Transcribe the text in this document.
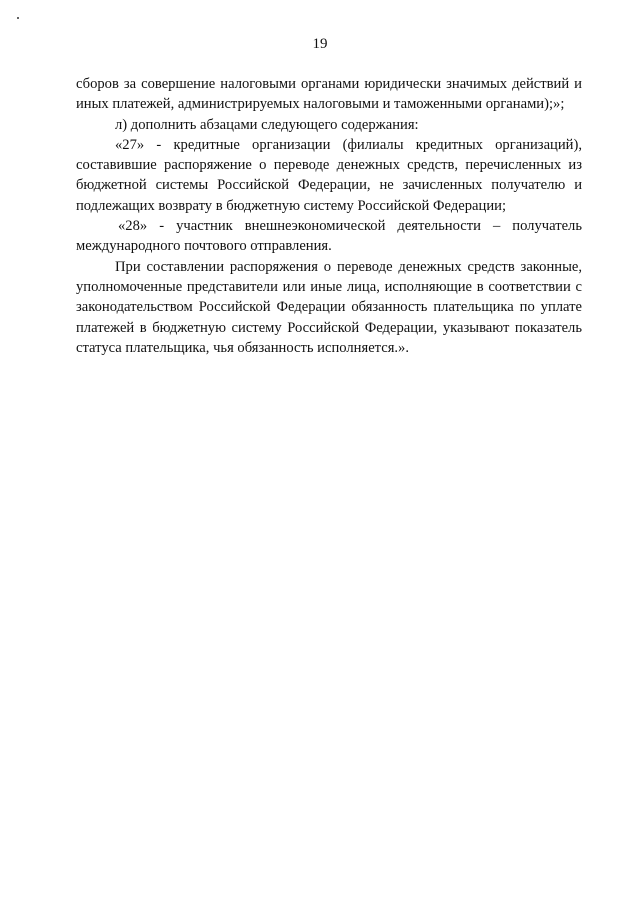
19

сборов за совершение налоговыми органами юридически значимых действий и иных платежей, администрируемых налоговыми и таможенными органами);»;

л) дополнить абзацами следующего содержания:

«27» - кредитные организации (филиалы кредитных организаций), составившие распоряжение о переводе денежных средств, перечисленных из бюджетной системы Российской Федерации, не зачисленных получателю и подлежащих возврату в бюджетную систему Российской Федерации;

«28» - участник внешнеэкономической деятельности – получатель международного почтового отправления.

При составлении распоряжения о переводе денежных средств законные, уполномоченные представители или иные лица, исполняющие в соответствии с законодательством Российской Федерации обязанность плательщика по уплате платежей в бюджетную систему Российской Федерации, указывают показатель статуса плательщика, чья обязанность исполняется.».
